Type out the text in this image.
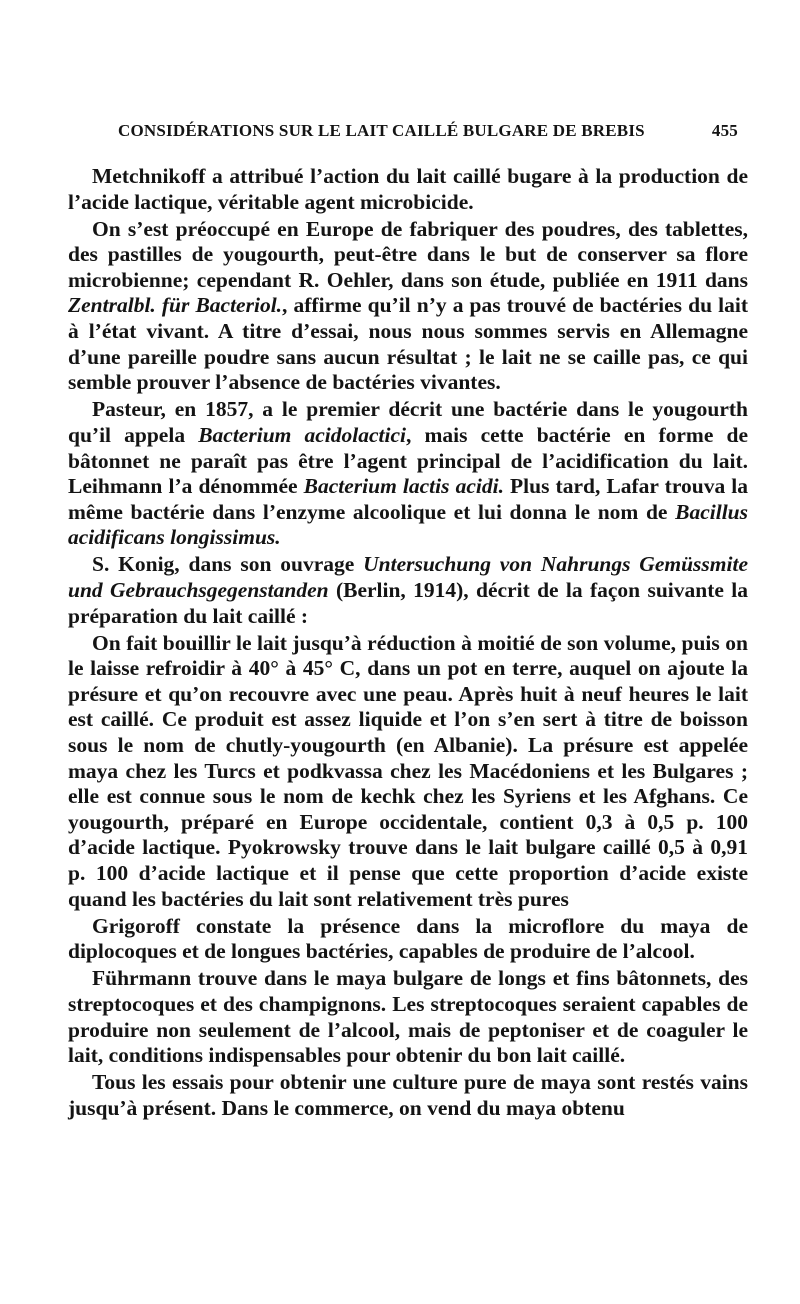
CONSIDÉRATIONS SUR LE LAIT CAILLÉ BULGARE DE BREBIS	455

Metchnikoff a attribué l’action du lait caillé bugare à la production de l’acide lactique, véritable agent microbicide.

On s’est préoccupé en Europe de fabriquer des poudres, des tablettes, des pastilles de yougourth, peut-être dans le but de conserver sa flore microbienne; cependant R. Oehler, dans son étude, publiée en 1911 dans Zentralbl. für Bacteriol., affirme qu’il n’y a pas trouvé de bactéries du lait à l’état vivant. A titre d’essai, nous nous sommes servis en Allemagne d’une pareille poudre sans aucun résultat ; le lait ne se caille pas, ce qui semble prouver l’absence de bactéries vivantes.

Pasteur, en 1857, a le premier décrit une bactérie dans le yougourth qu’il appela Bacterium acidolactici, mais cette bactérie en forme de bâtonnet ne paraît pas être l’agent principal de l’acidification du lait. Leihmann l’a dénommée Bacterium lactis acidi. Plus tard, Lafar trouva la même bactérie dans l’enzyme alcoolique et lui donna le nom de Bacillus acidificans longissimus.

S. Konig, dans son ouvrage Untersuchung von Nahrungs Gemüssmite und Gebrauchsgegenstanden (Berlin, 1914), décrit de la façon suivante la préparation du lait caillé :

On fait bouillir le lait jusqu’à réduction à moitié de son volume, puis on le laisse refroidir à 40° à 45° C, dans un pot en terre, auquel on ajoute la présure et qu’on recouvre avec une peau. Après huit à neuf heures le lait est caillé. Ce produit est assez liquide et l’on s’en sert à titre de boisson sous le nom de chutly-yougourth (en Albanie). La présure est appelée maya chez les Turcs et podkvassa chez les Macédoniens et les Bulgares ; elle est connue sous le nom de kechk chez les Syriens et les Afghans. Ce yougourth, préparé en Europe occidentale, contient 0,3 à 0,5 p. 100 d’acide lactique. Pyokrowsky trouve dans le lait bulgare caillé 0,5 à 0,91 p. 100 d’acide lactique et il pense que cette proportion d’acide existe quand les bactéries du lait sont relativement très pures

Grigoroff constate la présence dans la microflore du maya de diplocoques et de longues bactéries, capables de produire de l’alcool.

Führmann trouve dans le maya bulgare de longs et fins bâtonnets, des streptocoques et des champignons. Les streptocoques seraient capables de produire non seulement de l’alcool, mais de peptoniser et de coaguler le lait, conditions indispensables pour obtenir du bon lait caillé.

Tous les essais pour obtenir une culture pure de maya sont restés vains jusqu’à présent. Dans le commerce, on vend du maya obtenu
